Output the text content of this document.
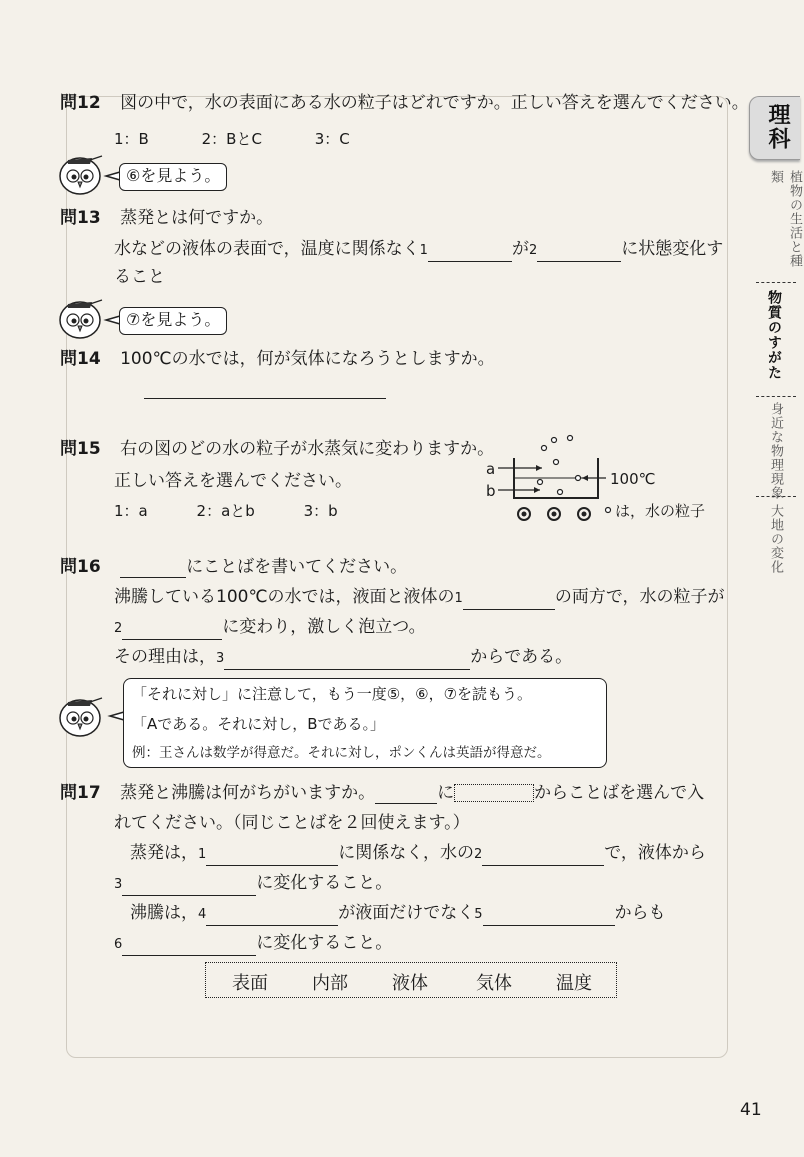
理科
植物の生活と種類
物質のすがた
身近な物理現象
大地の変化
問12 図の中で，水の表面にある水の粒子はどれですか。正しい答えを選んでください。
1：B	2：BとC	3：C
⑥を見よう。
問13 蒸発とは何ですか。
水などの液体の表面で，温度に関係なく1	が2	に状態変化す
ること
⑦を見よう。
問14 100℃の水では，何が気体になろうとしますか。
問15 右の図のどの水の粒子が水蒸気に変わりますか。
正しい答えを選んでください。
1：a	2：aとb	3：b
a
b
100℃
は，水の粒子
問16	にことばを書いてください。
沸騰している100℃の水では，液面と液体の1	の両方で，水の粒子が
2	に変わり，激しく泡立つ。
その理由は，3	からである。
「それに対し」に注意して，もう一度⑤，⑥，⑦を読もう。
「Aである。それに対し，Bである。」
例：王さんは数学が得意だ。それに対し，ポンくんは英語が得意だ。
問17 蒸発と沸騰は何がちがいますか。	に	からことばを選んで入
れてください。（同じことばを２回使えます。）
蒸発は，1	に関係なく，水の2	で，液体から
3	に変化すること。
沸騰は，4	が液面だけでなく5	からも
6	に変化すること。
表面 内部 液体	気体 温度
41
